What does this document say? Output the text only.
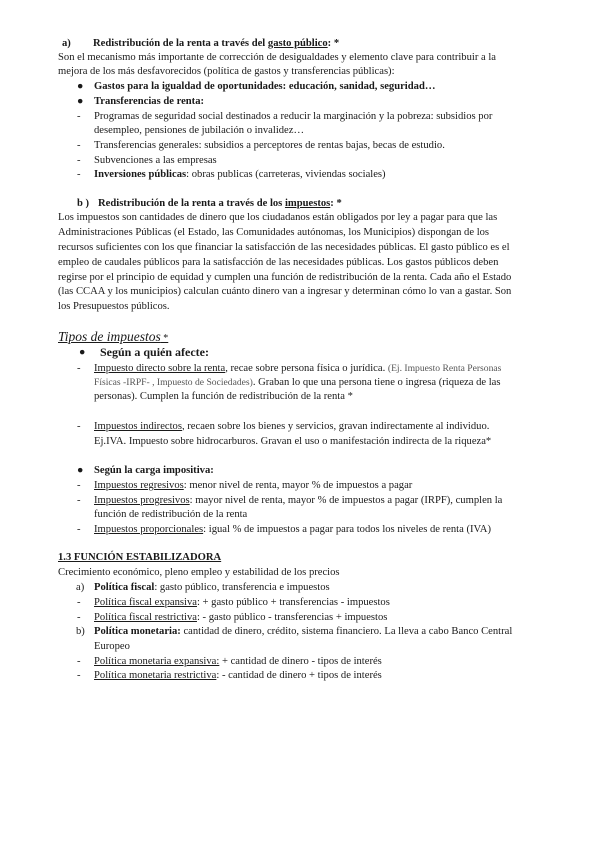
a) Redistribución de la renta a través del gasto público: *
Son el mecanismo más importante de corrección de desigualdades y elemento clave para contribuir a la
mejora de los más desfavorecidos (política de gastos y transferencias públicas):
● Gastos para la igualdad de oportunidades: educación, sanidad, seguridad…
● Transferencias de renta:
- Programas de seguridad social destinados a reducir la marginación y la pobreza: subsidios por
desempleo, pensiones de jubilación o invalidez…
- Transferencias generales: subsidios a perceptores de rentas bajas, becas de estudio.
- Subvenciones a las empresas
- Inversiones públicas: obras publicas (carreteras, viviendas sociales)
b ) Redistribución de la renta a través de los impuestos: *
Los impuestos son cantidades de dinero que los ciudadanos están obligados por ley a pagar para que las
Administraciones Públicas (el Estado, las Comunidades autónomas, los Municipios) dispongan de los
recursos suficientes con los que financiar la satisfacción de las necesidades públicas. El gasto público es el
empleo de caudales públicos para la satisfacción de las necesidades públicas. Los gastos públicos deben
regirse por el principio de equidad y cumplen una función de redistribución de la renta. Cada año el Estado
(las CCAA y los municipios) calculan cuánto dinero van a ingresar y determinan cómo lo van a gastar. Son
los Presupuestos públicos.
Tipos de impuestos *
● Según a quién afecte:
- Impuesto directo sobre la renta, recae sobre persona física o jurídica. (Ej. Impuesto Renta Personas
Físicas -IRPF- , Impuesto de Sociedades). Graban lo que una persona tiene o ingresa (riqueza de las
personas). Cumplen la función de redistribución de la renta *
- Impuestos indirectos, recaen sobre los bienes y servicios, gravan indirectamente al individuo.
Ej.IVA. Impuesto sobre hidrocarburos. Gravan el uso o manifestación indirecta de la riqueza*
● Según la carga impositiva:
- Impuestos regresivos: menor nivel de renta, mayor % de impuestos a pagar
- Impuestos progresivos: mayor nivel de renta, mayor % de impuestos a pagar (IRPF), cumplen la
función de redistribución de la renta
- Impuestos proporcionales: igual % de impuestos a pagar para todos los niveles de renta (IVA)
1.3 FUNCIÓN ESTABILIZADORA
Crecimiento económico, pleno empleo y estabilidad de los precios
a) Política fiscal: gasto público, transferencia e impuestos
- Política fiscal expansiva: + gasto público + transferencias - impuestos
- Política fiscal restrictiva: - gasto público - transferencias + impuestos
b) Política monetaria: cantidad de dinero, crédito, sistema financiero. La lleva a cabo Banco Central
Europeo
- Política monetaria expansiva: + cantidad de dinero - tipos de interés
- Política monetaria restrictiva: - cantidad de dinero + tipos de interés
